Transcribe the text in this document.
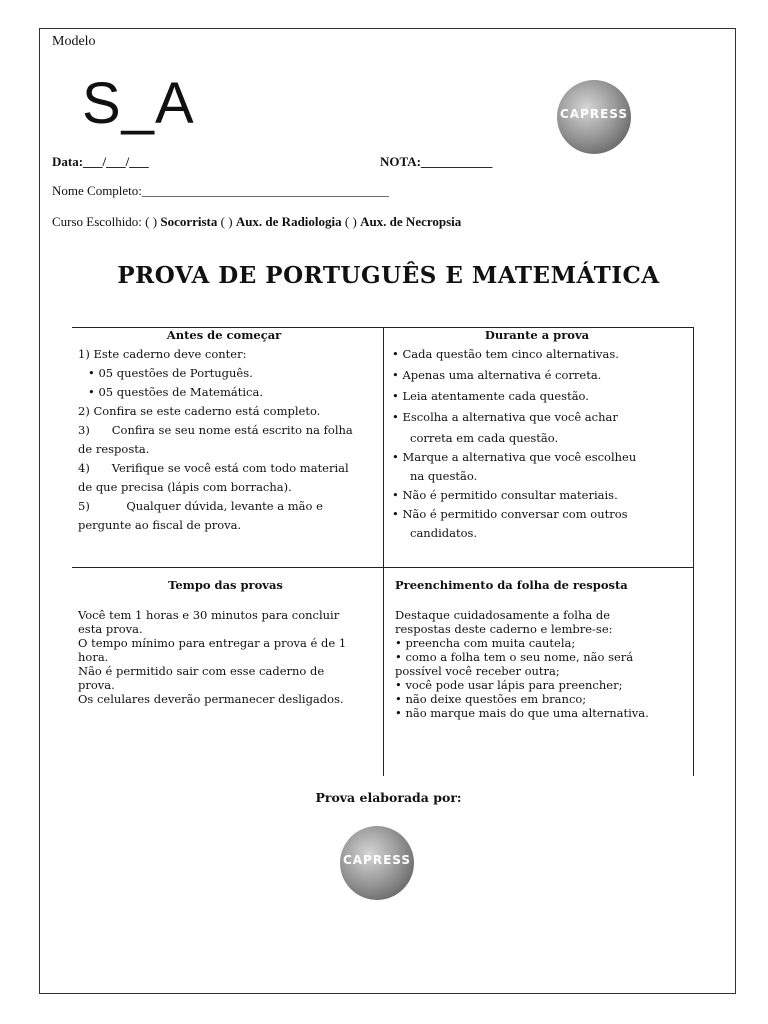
Modelo
S_A	CAPRESS
Data:___/___/___	NOTA:___________
Nome Completo:______________________________________
Curso Escolhido: ( ) Socorrista ( ) Aux. de Radiologia ( ) Aux. de Necropsia
PROVA DE PORTUGUÊS E MATEMÁTICA
Antes de começar
1) Este caderno deve conter:
• 05 questões de Português.
• 05 questões de Matemática.
2) Confira se este caderno está completo.
3)      Confira se seu nome está escrito na folha
de resposta.
4)      Verifique se você está com todo material
de que precisa (lápis com borracha).
5)          Qualquer dúvida, levante a mão e
pergunte ao fiscal de prova.
Durante a prova
• Cada questão tem cinco alternativas.
• Apenas uma alternativa é correta.
• Leia atentamente cada questão.
• Escolha a alternativa que você achar
correta em cada questão.
• Marque a alternativa que você escolheu
na questão.
• Não é permitido consultar materiais.
• Não é permitido conversar com outros
candidatos.
Tempo das provas
Você tem 1 horas e 30 minutos para concluir
esta prova.
O tempo mínimo para entregar a prova é de 1
hora.
Não é permitido sair com esse caderno de
prova.
Os celulares deverão permanecer desligados.
Preenchimento da folha de resposta
Destaque cuidadosamente a folha de
respostas deste caderno e lembre-se:
• preencha com muita cautela;
• como a folha tem o seu nome, não será
possível você receber outra;
• você pode usar lápis para preencher;
• não deixe questões em branco;
• não marque mais do que uma alternativa.
Prova elaborada por:
CAPRESS
